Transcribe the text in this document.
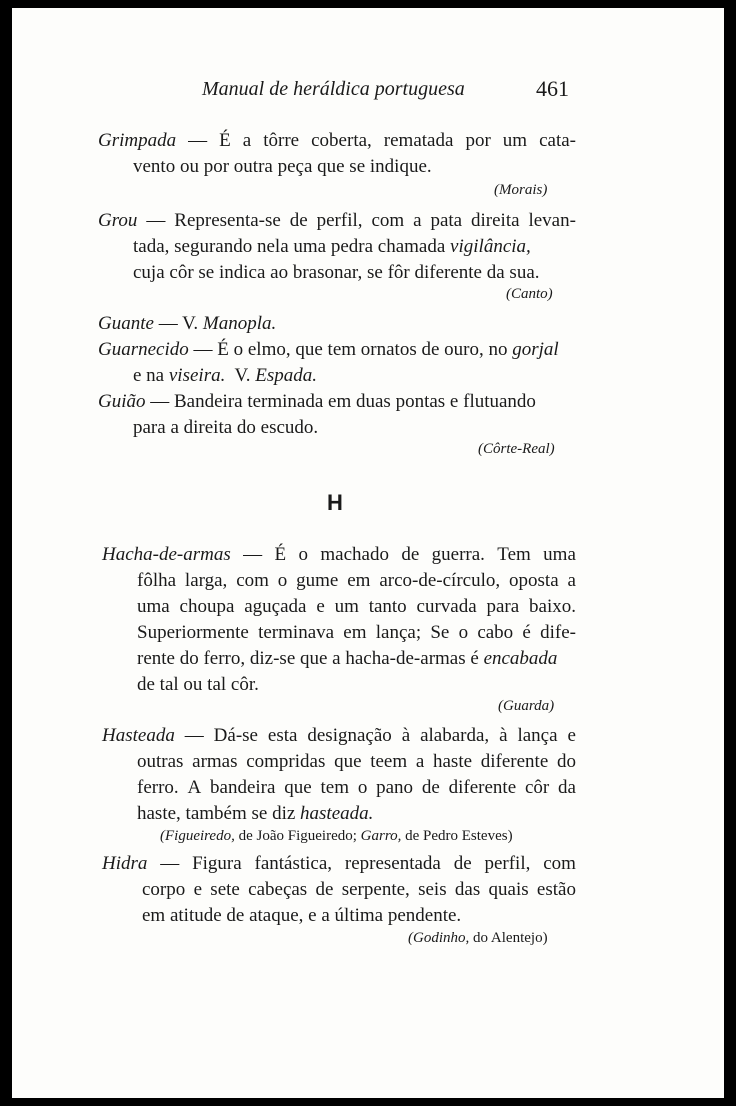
Manual de heráldica portuguesa	461
Grimpada — É a tôrre coberta, rematada por um cata-
vento ou por outra peça que se indique.
(Morais)
Grou — Representa-se de perfil, com a pata direita levan-
tada, segurando nela uma pedra chamada vigilância,
cuja côr se indica ao brasonar, se fôr diferente da sua.
(Canto)
Guante — V. Manopla.
Guarnecido — É o elmo, que tem ornatos de ouro, no gorjal
e na viseira.  V. Espada.
Guião — Bandeira terminada em duas pontas e flutuando
para a direita do escudo.
(Côrte-Real)
H
Hacha-de-armas — É o machado de guerra. Tem uma
fôlha larga, com o gume em arco-de-círculo, oposta a
uma choupa aguçada e um tanto curvada para baixo.
Superiormente terminava em lança; Se o cabo é dife-
rente do ferro, diz-se que a hacha-de-armas é encabada
de tal ou tal côr.
(Guarda)
Hasteada — Dá-se esta designação à alabarda, à lança e
outras armas compridas que teem a haste diferente do
ferro. A bandeira que tem o pano de diferente côr da
haste, também se diz hasteada.
(Figueiredo, de João Figueiredo; Garro, de Pedro Esteves)
Hidra — Figura fantástica, representada de perfil, com
corpo e sete cabeças de serpente, seis das quais estão
em atitude de ataque, e a última pendente.
(Godinho, do Alentejo)
